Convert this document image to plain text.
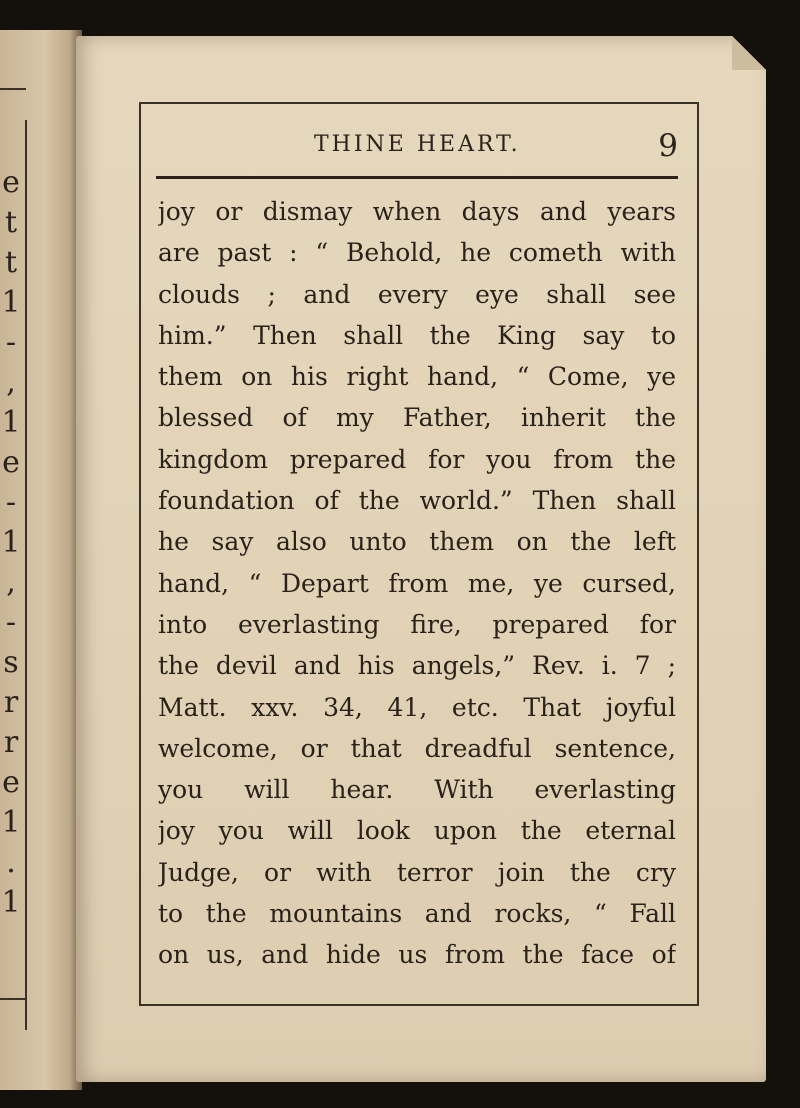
e
t
t
1
-
,
1
e
-
1
,
-
s
r
r
e
1
.
1
THINE HEART.	9
joy or dismay when days and years
are past : “ Behold, he cometh with
clouds ; and every eye shall see
him.” Then shall the King say to
them on his right hand, “ Come, ye
blessed of my Father, inherit the
kingdom prepared for you from the
foundation of the world.” Then shall
he say also unto them on the left
hand, “ Depart from me, ye cursed,
into everlasting fire, prepared for
the devil and his angels,” Rev. i. 7 ;
Matt. xxv. 34, 41, etc. That joyful
welcome, or that dreadful sentence,
you will hear. With everlasting
joy you will look upon the eternal
Judge, or with terror join the cry
to the mountains and rocks, “ Fall
on us, and hide us from the face of
